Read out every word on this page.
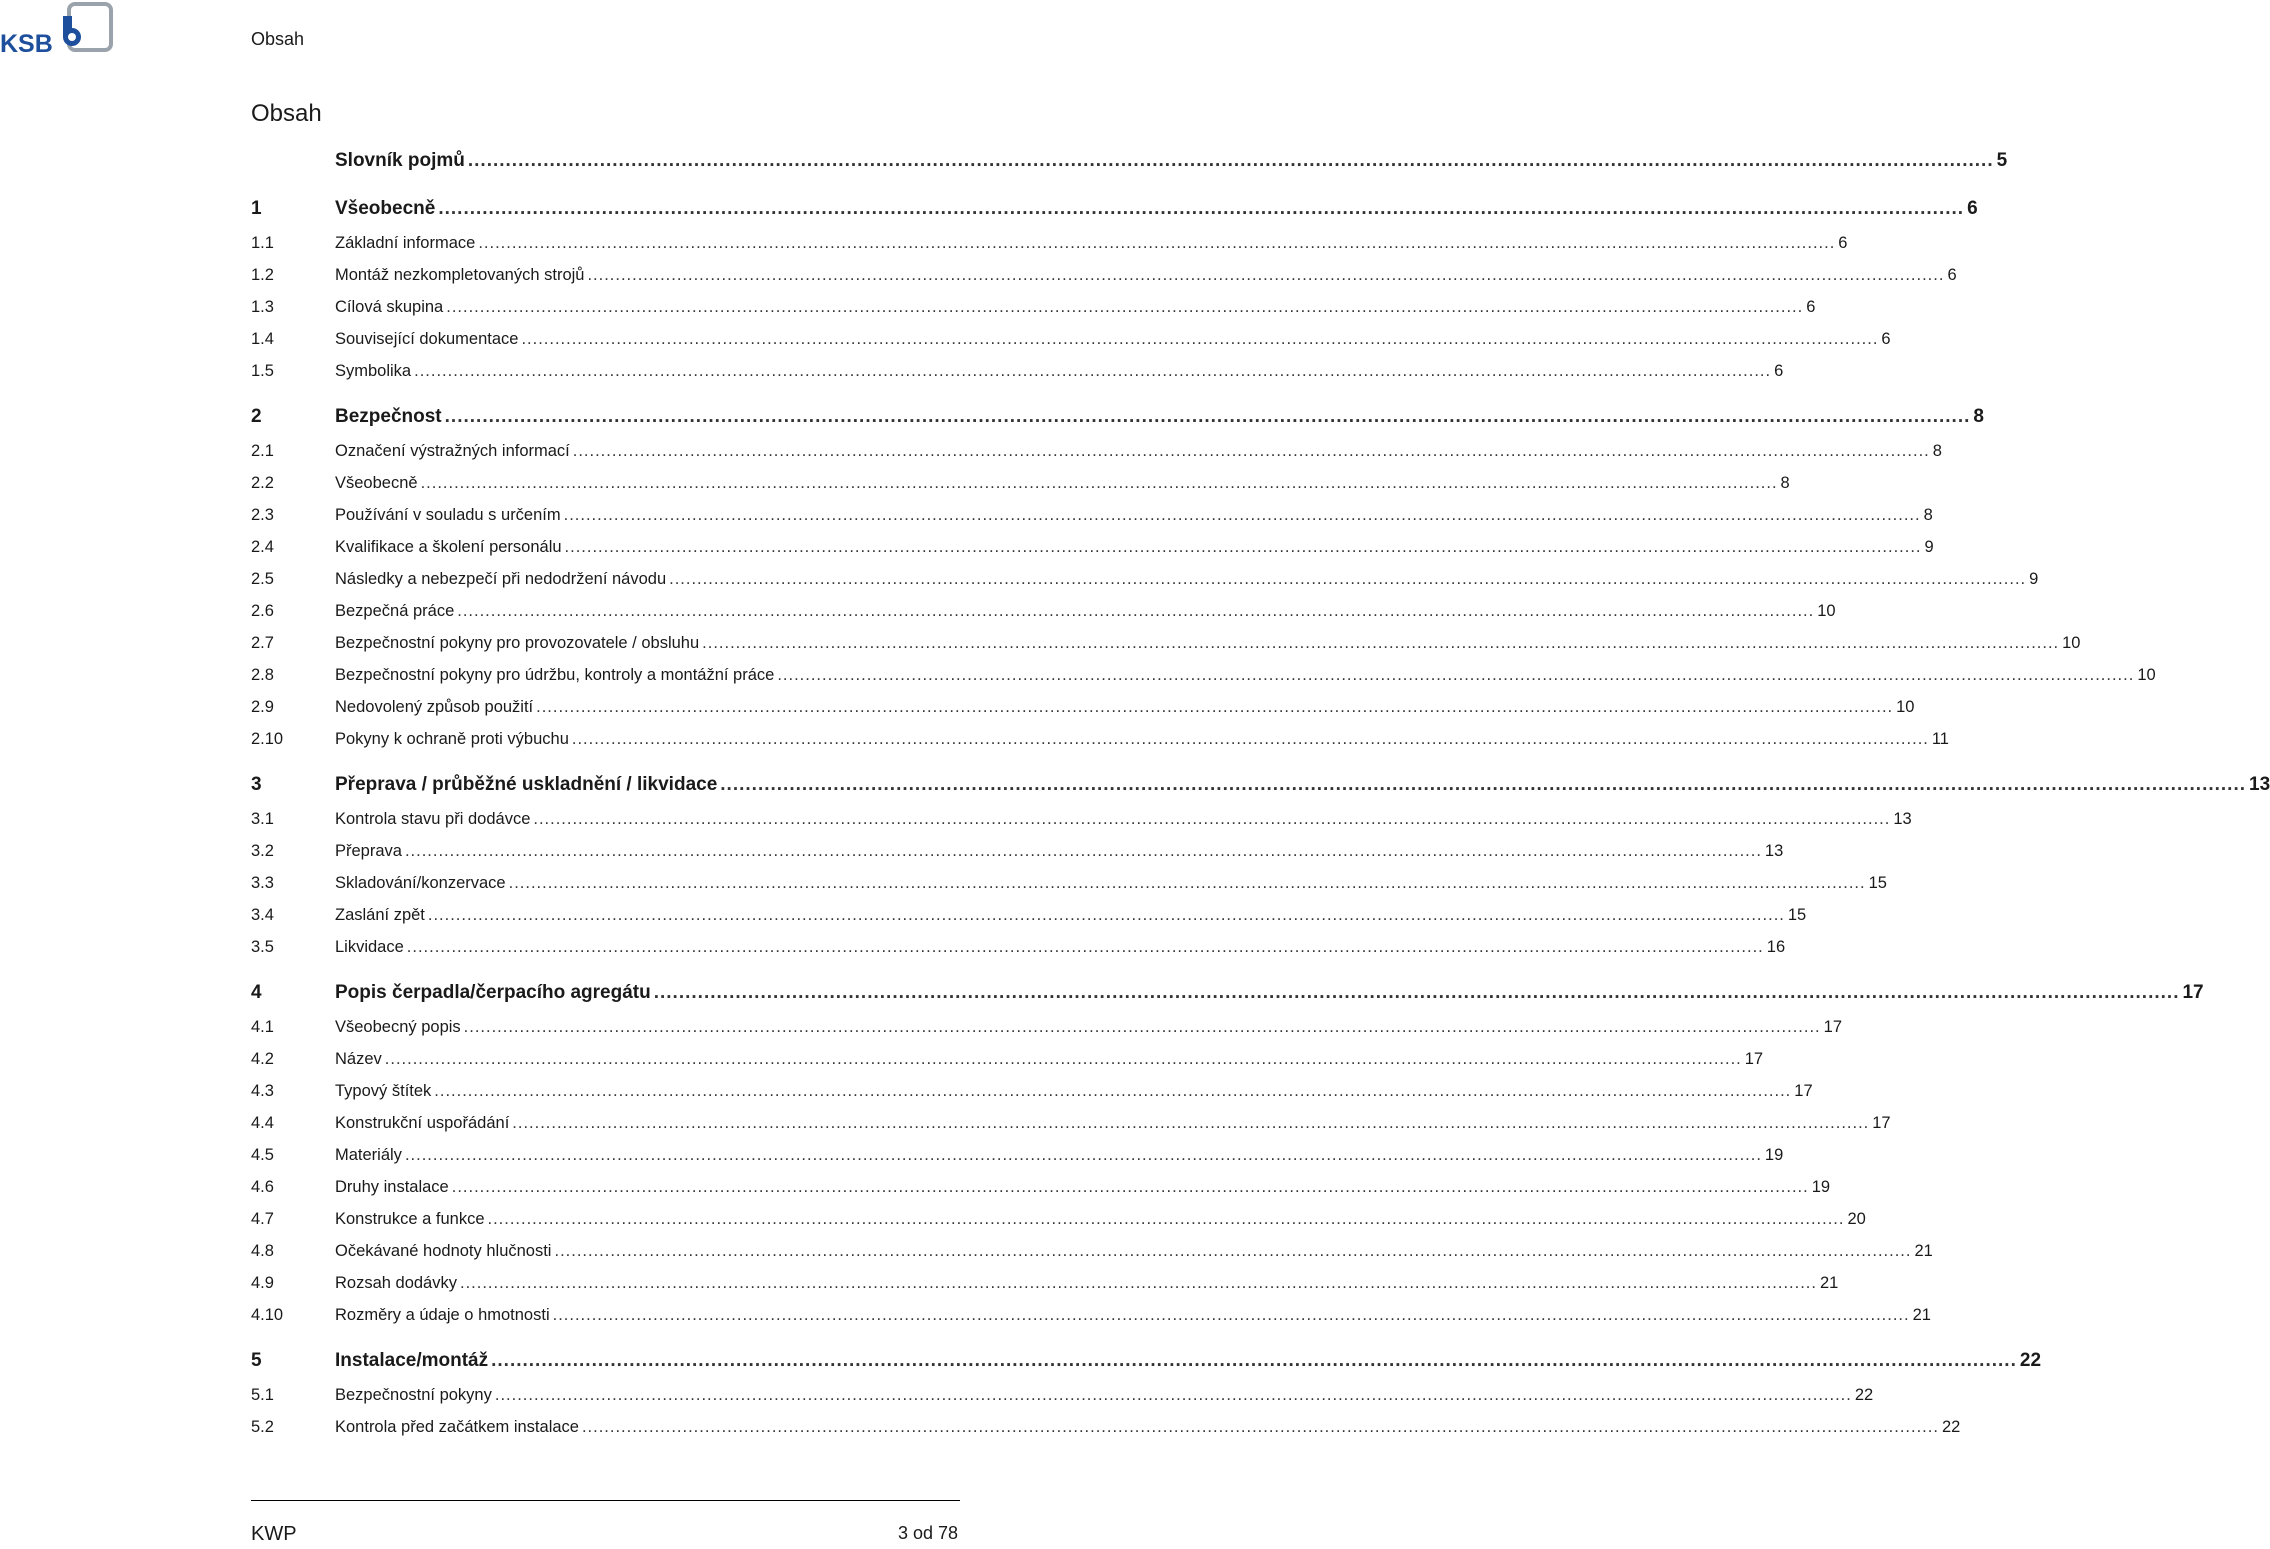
KSB	Obsah
Obsah
Slovník pojmů .....	5
1	Všeobecně .....	6
1.1	Základní informace .....	6
1.2	Montáž nezkompletovaných strojů .....	6
1.3	Cílová skupina .....	6
1.4	Související dokumentace .....	6
1.5	Symbolika .....	6
2	Bezpečnost .....	8
2.1	Označení výstražných informací .....	8
2.2	Všeobecně .....	8
2.3	Používání v souladu s určením .....	8
2.4	Kvalifikace a školení personálu .....	9
2.5	Následky a nebezpečí při nedodržení návodu .....	9
2.6	Bezpečná práce .....	10
2.7	Bezpečnostní pokyny pro provozovatele / obsluhu .....	10
2.8	Bezpečnostní pokyny pro údržbu, kontroly a montážní práce .....	10
2.9	Nedovolený způsob použití .....	10
2.10	Pokyny k ochraně proti výbuchu .....	11
3	Přeprava / průběžné uskladnění / likvidace .....	13
3.1	Kontrola stavu při dodávce .....	13
3.2	Přeprava .....	13
3.3	Skladování/konzervace .....	15
3.4	Zaslání zpět .....	15
3.5	Likvidace .....	16
4	Popis čerpadla/čerpacího agregátu .....	17
4.1	Všeobecný popis .....	17
4.2	Název .....	17
4.3	Typový štítek .....	17
4.4	Konstrukční uspořádání .....	17
4.5	Materiály .....	19
4.6	Druhy instalace .....	19
4.7	Konstrukce a funkce .....	20
4.8	Očekávané hodnoty hlučnosti .....	21
4.9	Rozsah dodávky .....	21
4.10	Rozměry a údaje o hmotnosti .....	21
5	Instalace/montáž .....	22
5.1	Bezpečnostní pokyny .....	22
5.2	Kontrola před začátkem instalace .....	22
KWP	3 od 78
